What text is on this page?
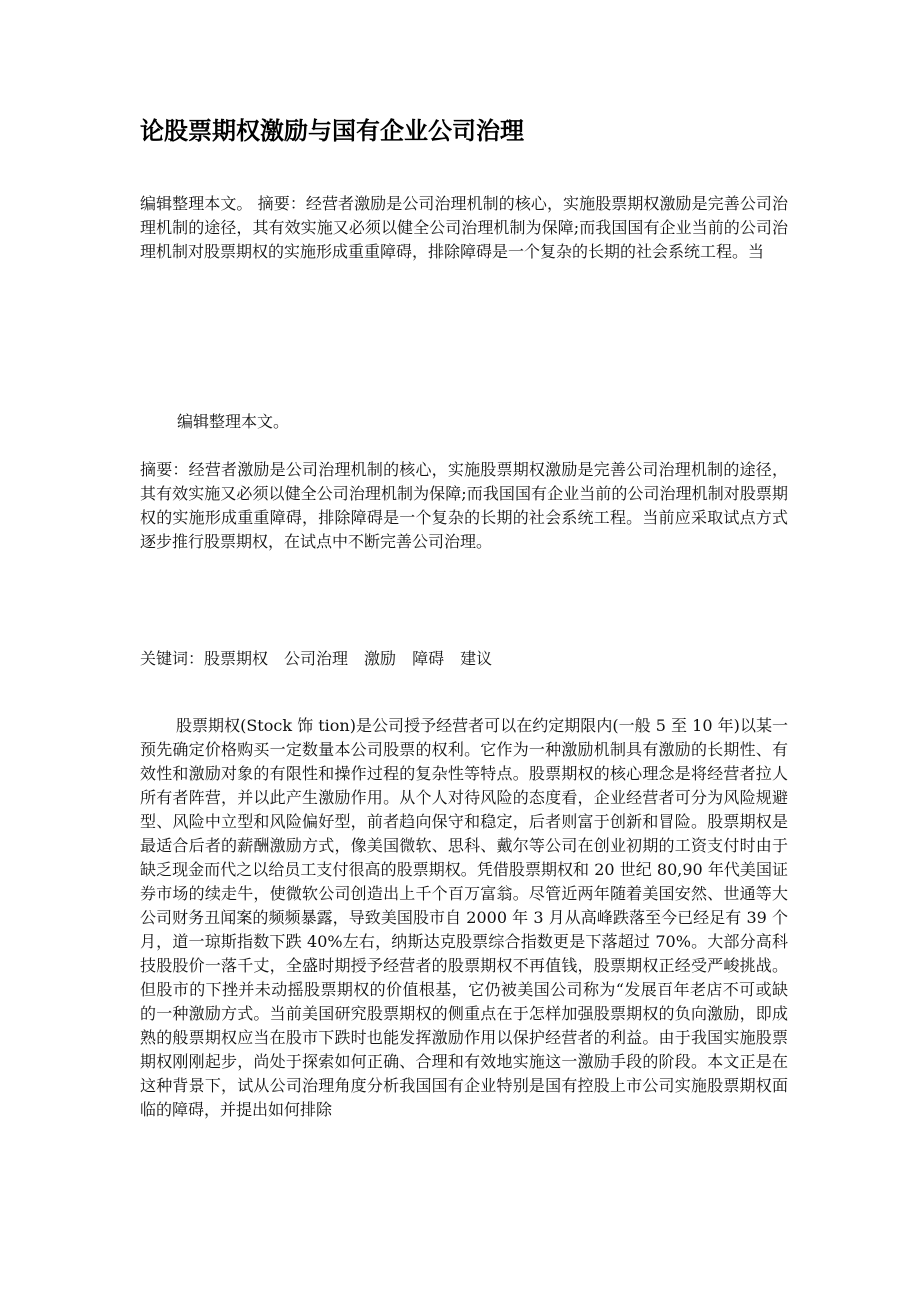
论股票期权激励与国有企业公司治理

编辑整理本文。 摘要：经营者激励是公司治理机制的核心，实施股票期权激励是完善公司治理机制的途径，其有效实施又必须以健全公司治理机制为保障;而我国国有企业当前的公司治理机制对股票期权的实施形成重重障碍，排除障碍是一个复杂的长期的社会系统工程。当

编辑整理本文。

摘要：经营者激励是公司治理机制的核心，实施股票期权激励是完善公司治理机制的途径，其有效实施又必须以健全公司治理机制为保障;而我国国有企业当前的公司治理机制对股票期权的实施形成重重障碍，排除障碍是一个复杂的长期的社会系统工程。当前应采取试点方式逐步推行股票期权，在试点中不断完善公司治理。

关键词：股票期权 公司治理 激励 障碍 建议

股票期权(Stock 饰 tion)是公司授予经营者可以在约定期限内(一般 5 至 10 年)以某一预先确定价格购买一定数量本公司股票的权利。它作为一种激励机制具有激励的长期性、有效性和激励对象的有限性和操作过程的复杂性等特点。股票期权的核心理念是将经营者拉人所有者阵营，并以此产生激励作用。从个人对待风险的态度看，企业经营者可分为风险规避型、风险中立型和风险偏好型，前者趋向保守和稳定，后者则富于创新和冒险。股票期权是最适合后者的薪酬激励方式，像美国微软、思科、戴尔等公司在创业初期的工资支付时由于缺乏现金而代之以给员工支付很高的股票期权。凭借股票期权和 20 世纪 80,90 年代美国证券市场的续走牛，使微软公司创造出上千个百万富翁。尽管近两年随着美国安然、世通等大公司财务丑闻案的频频暴露，导致美国股市自 2000 年 3 月从高峰跌落至今已经足有 39 个月，道一琼斯指数下跌 40%左右，纳斯达克股票综合指数更是下落超过 70%。大部分高科技股股价一落千丈，全盛时期授予经营者的股票期权不再值钱，股票期权正经受严峻挑战。但股市的下挫并未动摇股票期权的价值根基，它仍被美国公司称为“发展百年老店不可或缺的一种激励方式。当前美国研究股票期权的侧重点在于怎样加强股票期权的负向激励，即成熟的般票期权应当在股市下跌时也能发挥激励作用以保护经营者的利益。由于我国实施股票期权刚刚起步，尚处于探索如何正确、合理和有效地实施这一激励手段的阶段。本文正是在这种背景下，试从公司治理角度分析我国国有企业特别是国有控股上市公司实施股票期权面临的障碍，并提出如何排除
